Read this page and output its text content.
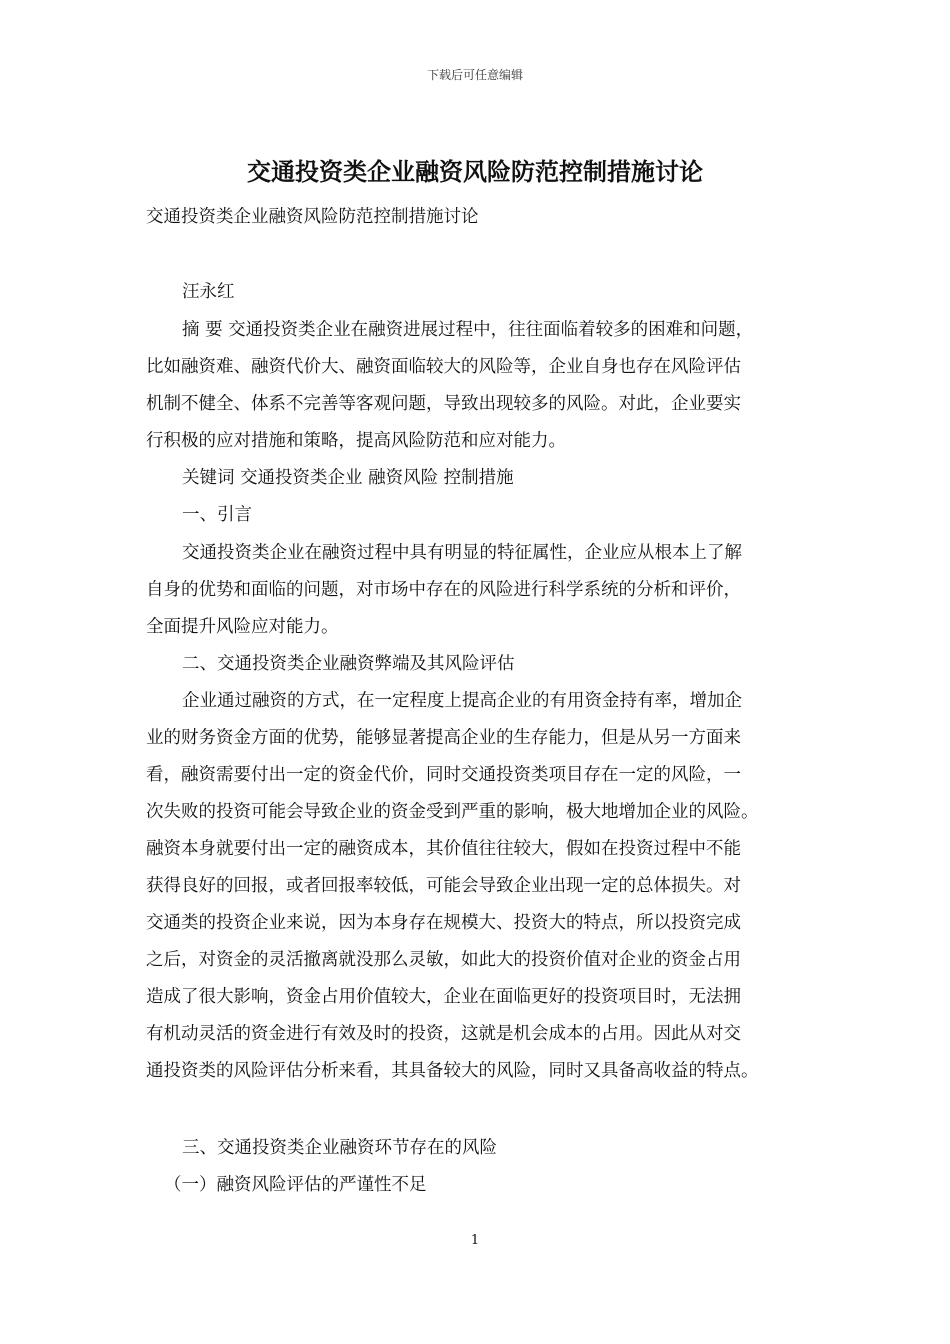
下载后可任意编辑
交通投资类企业融资风险防范控制措施讨论
交通投资类企业融资风险防范控制措施讨论
汪永红
摘 要 交通投资类企业在融资进展过程中，往往面临着较多的困难和问题，
比如融资难、融资代价大、融资面临较大的风险等，企业自身也存在风险评估
机制不健全、体系不完善等客观问题，导致出现较多的风险。对此，企业要实
行积极的应对措施和策略，提高风险防范和应对能力。
关键词 交通投资类企业 融资风险 控制措施
一、引言
交通投资类企业在融资过程中具有明显的特征属性，企业应从根本上了解
自身的优势和面临的问题，对市场中存在的风险进行科学系统的分析和评价，
全面提升风险应对能力。
二、交通投资类企业融资弊端及其风险评估
企业通过融资的方式，在一定程度上提高企业的有用资金持有率，增加企
业的财务资金方面的优势，能够显著提高企业的生存能力，但是从另一方面来
看，融资需要付出一定的资金代价，同时交通投资类项目存在一定的风险，一
次失败的投资可能会导致企业的资金受到严重的影响，极大地增加企业的风险。
融资本身就要付出一定的融资成本，其价值往往较大，假如在投资过程中不能
获得良好的回报，或者回报率较低，可能会导致企业出现一定的总体损失。对
交通类的投资企业来说，因为本身存在规模大、投资大的特点，所以投资完成
之后，对资金的灵活撤离就没那么灵敏，如此大的投资价值对企业的资金占用
造成了很大影响，资金占用价值较大，企业在面临更好的投资项目时，无法拥
有机动灵活的资金进行有效及时的投资，这就是机会成本的占用。因此从对交
通投资类的风险评估分析来看，其具备较大的风险，同时又具备高收益的特点。
三、交通投资类企业融资环节存在的风险
（一）融资风险评估的严谨性不足
1
